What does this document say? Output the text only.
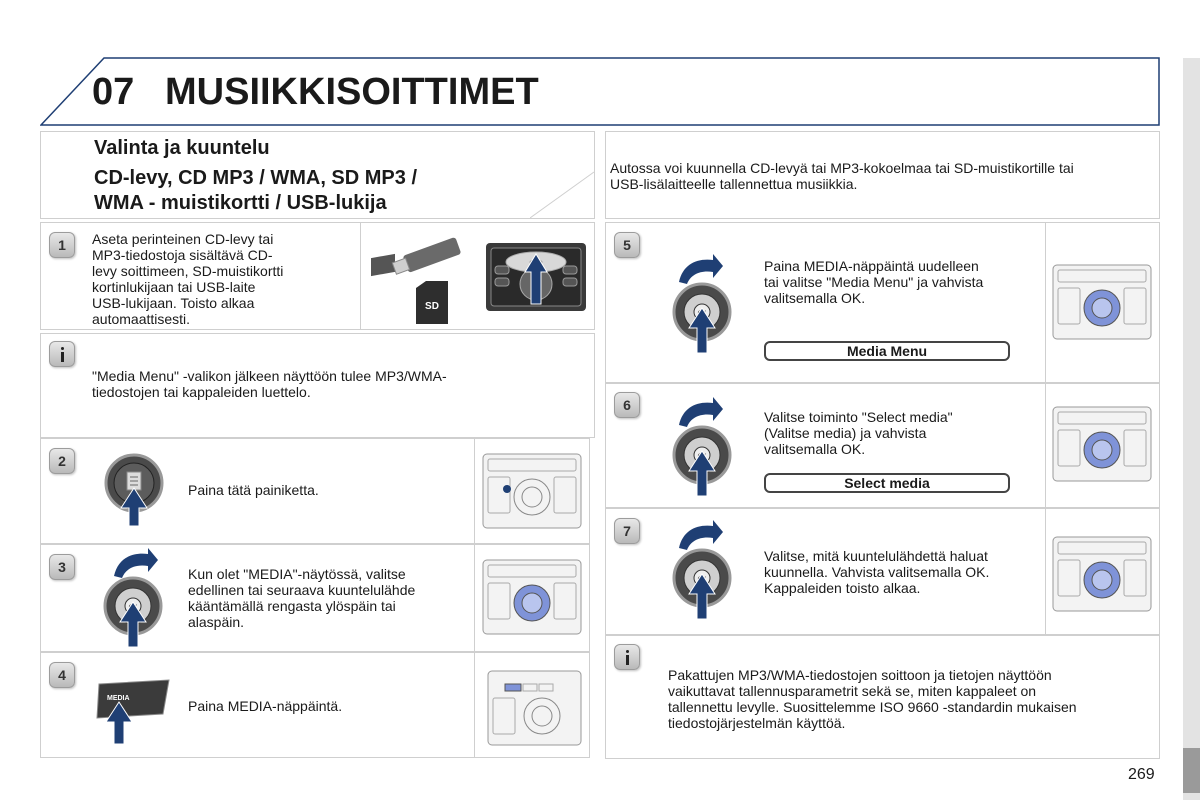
07 MUSIIKKISOITTIMET
Valinta ja kuuntelu
CD-levy, CD MP3 / WMA, SD MP3 /
WMA - muistikortti / USB-lukija
Autossa voi kuunnella CD-levyä tai MP3-kokoelmaa tai SD-muistikortille tai
USB-lisälaitteelle tallennettua musiikkia.
1	Aseta perinteinen CD-levy tai
MP3-tiedostoja sisältävä CD-
levy soittimeen, SD-muistikortti
kortinlukijaan tai USB-laite
USB-lukijaan. Toisto alkaa
automaattisesti.
SD
"Media Menu" -valikon jälkeen näyttöön tulee MP3/WMA-
tiedostojen tai kappaleiden luettelo.
2
Paina tätä painiketta.
3	Kun olet "MEDIA"-näytössä, valitse
edellinen tai seuraava kuuntelulähde
kääntämällä rengasta ylöspäin tai
alaspäin.
4
MEDIA	Paina MEDIA-näppäintä.
5
Paina MEDIA-näppäintä uudelleen
tai valitse "Media Menu" ja vahvista
valitsemalla OK.
Media Menu
6
Valitse toiminto "Select media"
(Valitse media) ja vahvista
valitsemalla OK.
Select media
7
Valitse, mitä kuuntelulähdettä haluat
kuunnella. Vahvista valitsemalla OK.
Kappaleiden toisto alkaa.
Pakattujen MP3/WMA-tiedostojen soittoon ja tietojen näyttöön
vaikuttavat tallennusparametrit sekä se, miten kappaleet on
tallennettu levylle. Suosittelemme ISO 9660 -standardin mukaisen
tiedostojärjestelmän käyttöä.
269
